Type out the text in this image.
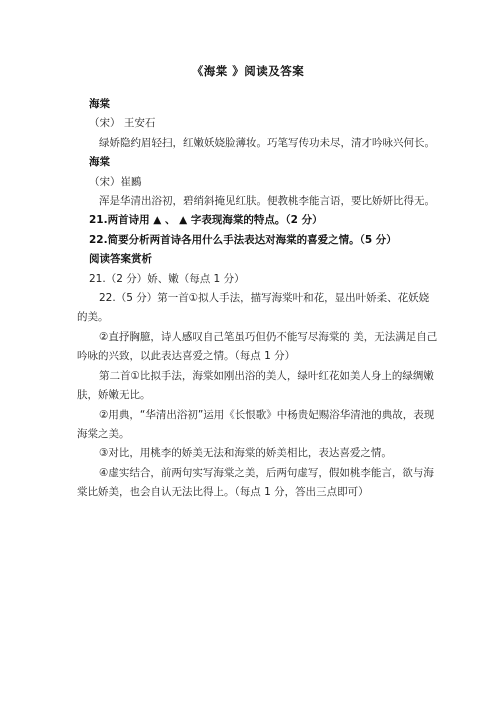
《海棠 》阅读及答案

海棠

（宋） 王安石

绿娇隐约眉轻扫，红嫩妖娆脸薄妆。巧笔写传功未尽，清才吟咏兴何长。

海棠

（宋）崔鶠

浑是华清出浴初，碧绡斜掩见红肤。便教桃李能言语，要比娇妍比得无。

21.两首诗用 ▲ 、 ▲ 字表现海棠的特点。（2 分）

22.简要分析两首诗各用什么手法表达对海棠的喜爱之情。（5 分）

阅读答案赏析

21.（2 分）娇、嫩（每点 1 分）

22.（5 分）第一首①拟人手法，描写海棠叶和花，显出叶娇柔、花妖娆的美。

②直抒胸臆，诗人感叹自己笔虽巧但仍不能写尽海棠的 美，无法满足自己吟咏的兴致，以此表达喜爱之情。（每点 1 分）

第二首①比拟手法，海棠如刚出浴的美人，绿叶红花如美人身上的绿绸嫩肤，娇嫩无比。

②用典，“华清出浴初”运用《长恨歌》中杨贵妃赐浴华清池的典故，表现海棠之美。

③对比，用桃李的娇美无法和海棠的娇美相比，表达喜爱之情。

④虚实结合，前两句实写海棠之美，后两句虚写，假如桃李能言，欲与海棠比娇美，也会自认无法比得上。（每点 1 分，答出三点即可）
